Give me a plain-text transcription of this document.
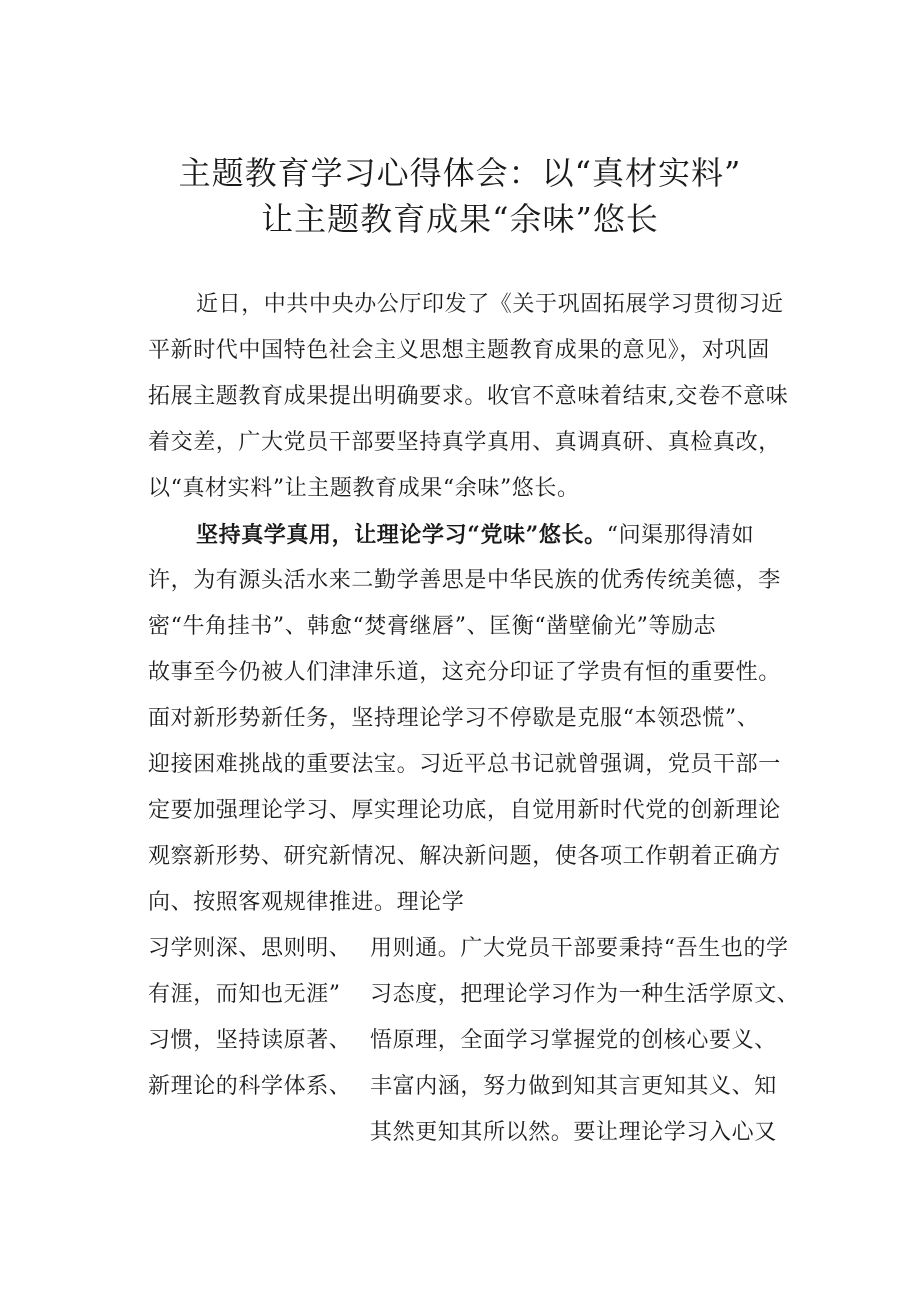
主题教育学习心得体会：以“真材实料”
让主题教育成果“余味”悠长
近日，中共中央办公厅印发了《关于巩固拓展学习贯彻习近
平新时代中国特色社会主义思想主题教育成果的意见》，对巩固
拓展主题教育成果提出明确要求。收官不意味着结束,交卷不意味
着交差，广大党员干部要坚持真学真用、真调真研、真检真改，
以“真材实料”让主题教育成果“余味”悠长。
坚持真学真用，让理论学习“党味”悠长。“问渠那得清如
许，为有源头活水来二勤学善思是中华民族的优秀传统美德，李
密“牛角挂书”、韩愈“焚膏继唇”、匡衡“凿壁偷光”等励志
故事至今仍被人们津津乐道，这充分印证了学贵有恒的重要性。
面对新形势新任务，坚持理论学习不停歇是克服“本领恐慌”、
迎接困难挑战的重要法宝。习近平总书记就曾强调，党员干部一
定要加强理论学习、厚实理论功底，自觉用新时代党的创新理论
观察新形势、研究新情况、解决新问题，使各项工作朝着正确方
向、按照客观规律推进。理论学
习学则深、思则明、
有涯，而知也无涯”
习惯，坚持读原著、
新理论的科学体系、
用则通。广大党员干部要秉持“吾生也的学
习态度，把理论学习作为一种生活学原文、
悟原理，全面学习掌握党的创核心要义、
丰富内涵，努力做到知其言更知其义、知
其然更知其所以然。要让理论学习入心又
